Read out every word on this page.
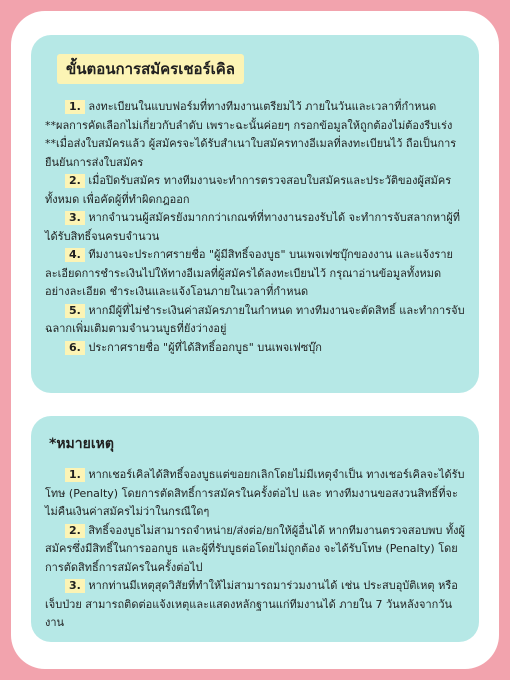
ขั้นตอนการสมัครเชอร์เคิล

1. ลงทะเบียนในแบบฟอร์มที่ทางทีมงานเตรียมไว้ ภายในวันและเวลาที่กำหนด

**ผลการคัดเลือกไม่เกี่ยวกับลำดับ เพราะฉะนั้นค่อยๆ กรอกข้อมูลให้ถูกต้องไม่ต้องรีบเร่ง

**เมื่อส่งใบสมัครแล้ว ผู้สมัครจะได้รับสำเนาใบสมัครทางอีเมลที่ลงทะเบียนไว้ ถือเป็นการยืนยันการส่งใบสมัคร

2. เมื่อปิดรับสมัคร ทางทีมงานจะทำการตรวจสอบใบสมัครและประวัติของผู้สมัครทั้งหมด เพื่อคัดผู้ที่ทำผิดกฎออก

3. หากจำนวนผู้สมัครยังมากกว่าเกณฑ์ที่ทางงานรองรับได้ จะทำการจับสลากหาผู้ที่ได้รับสิทธิ์จนครบจำนวน

4. ทีมงานจะประกาศรายชื่อ "ผู้มีสิทธิ์จองบูธ" บนเพจเฟซบุ๊กของงาน และแจ้งรายละเอียดการชำระเงินไปให้ทางอีเมลที่ผู้สมัครได้ลงทะเบียนไว้ กรุณาอ่านข้อมูลทั้งหมดอย่างละเอียด ชำระเงินและแจ้งโอนภายในเวลาที่กำหนด

5. หากมีผู้ที่ไม่ชำระเงินค่าสมัครภายในกำหนด ทางทีมงานจะตัดสิทธิ์ และทำการจับฉลากเพิ่มเติมตามจำนวนบูธที่ยังว่างอยู่

6. ประกาศรายชื่อ "ผู้ที่ได้สิทธิ์ออกบูธ" บนเพจเฟซบุ๊ก

*หมายเหตุ

1. หากเชอร์เคิลได้สิทธิ์จองบูธแต่ขอยกเลิกโดยไม่มีเหตุจำเป็น ทางเชอร์เคิลจะได้รับโทษ (Penalty) โดยการตัดสิทธิ์การสมัครในครั้งต่อไป และ ทางทีมงานขอสงวนสิทธิ์ที่จะไม่คืนเงินค่าสมัครไม่ว่าในกรณีใดๆ

2. สิทธิ์จองบูธไม่สามารถจำหน่าย/ส่งต่อ/ยกให้ผู้อื่นได้ หากทีมงานตรวจสอบพบ ทั้งผู้สมัครซึ่งมีสิทธิ์ในการออกบูธ และผู้ที่รับบูธต่อโดยไม่ถูกต้อง จะได้รับโทษ (Penalty) โดยการตัดสิทธิ์การสมัครในครั้งต่อไป

3. หากท่านมีเหตุสุดวิสัยที่ทำให้ไม่สามารถมาร่วมงานได้ เช่น ประสบอุบัติเหตุ หรือ เจ็บป่วย สามารถติดต่อแจ้งเหตุและแสดงหลักฐานแก่ทีมงานได้ ภายใน 7 วันหลังจากวันงาน
